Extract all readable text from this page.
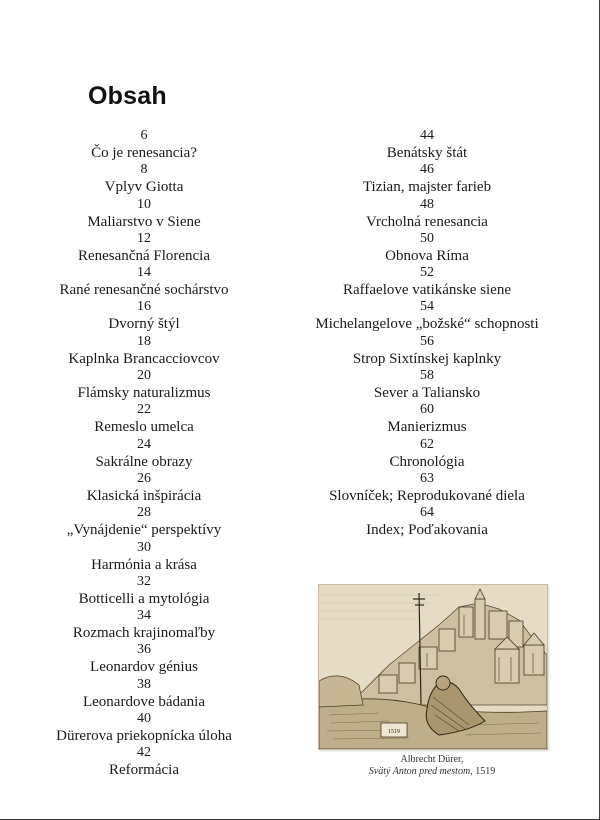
Obsah
6
Čo je renesancia?
8
Vplyv Giotta
10
Maliarstvo v Siene
12
Renesančná Florencia
14
Rané renesančné sochárstvo
16
Dvorný štýl
18
Kaplnka Brancacciovcov
20
Flámsky naturalizmus
22
Remeslo umelca
24
Sakrálne obrazy
26
Klasická inšpirácia
28
„Vynájdenie“ perspektívy
30
Harmónia a krása
32
Botticelli a mytológia
34
Rozmach krajinomaľby
36
Leonardov génius
38
Leonardove bádania
40
Dürerova priekopnícka úloha
42
Reformácia
44
Benátsky štát
46
Tizian, majster farieb
48
Vrcholná renesancia
50
Obnova Ríma
52
Raffaelove vatikánske siene
54
Michelangelove „božské“ schopnosti
56
Strop Sixtínskej kaplnky
58
Sever a Taliansko
60
Manierizmus
62
Chronológia
63
Slovníček; Reprodukované diela
64
Index; Poďakovania
1519
Albrecht Dürer,
Svätý Anton pred mestom, 1519
